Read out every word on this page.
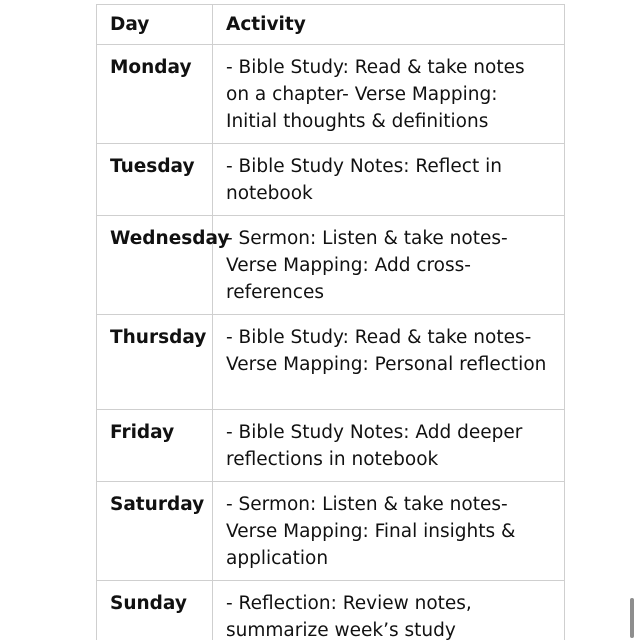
Day	Activity
Monday	- Bible Study: Read & take notes on a chapter- Verse Mapping: Initial thoughts & definitions
Tuesday	- Bible Study Notes: Reflect in notebook
Wednesday	- Sermon: Listen & take notes- Verse Mapping: Add cross-references
Thursday	- Bible Study: Read & take notes- Verse Mapping: Personal reflection
Friday	- Bible Study Notes: Add deeper reflections in notebook
Saturday	- Sermon: Listen & take notes- Verse Mapping: Final insights & application
Sunday	- Reflection: Review notes, summarize week’s study
